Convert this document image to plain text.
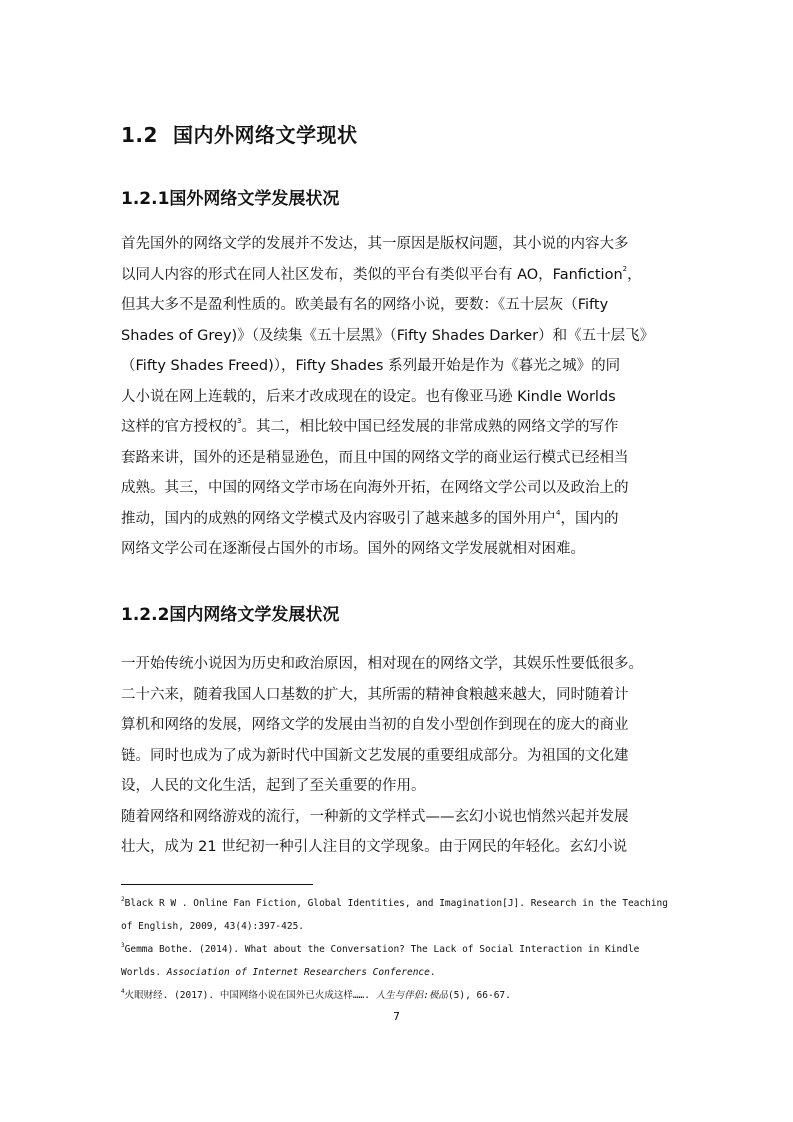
1.2 国内外网络文学现状
1.2.1国外网络文学发展状况
首先国外的网络文学的发展并不发达，其一原因是版权问题，其小说的内容大多
以同人内容的形式在同人社区发布，类似的平台有类似平台有 AO，Fanfiction$^2$，
但其大多不是盈利性质的。欧美最有名的网络小说，要数：《五十层灰（Fifty
Shades of Grey)》（及续集《五十层黑》（Fifty Shades Darker）和《五十层飞》
（Fifty Shades Freed)），Fifty Shades 系列最开始是作为《暮光之城》的同
人小说在网上连载的，后来才改成现在的设定。也有像亚马逊 Kindle Worlds
这样的官方授权的$^3$。其二，相比较中国已经发展的非常成熟的网络文学的写作
套路来讲，国外的还是稍显逊色，而且中国的网络文学的商业运行模式已经相当
成熟。其三，中国的网络文学市场在向海外开拓，在网络文学公司以及政治上的
推动，国内的成熟的网络文学模式及内容吸引了越来越多的国外用户$^4$，国内的
网络文学公司在逐渐侵占国外的市场。国外的网络文学发展就相对困难。
1.2.2国内网络文学发展状况
一开始传统小说因为历史和政治原因，相对现在的网络文学，其娱乐性要低很多。
二十六来，随着我国人口基数的扩大，其所需的精神食粮越来越大，同时随着计
算机和网络的发展，网络文学的发展由当初的自发小型创作到现在的庞大的商业
链。同时也成为了成为新时代中国新文艺发展的重要组成部分。为祖国的文化建
设，人民的文化生活，起到了至关重要的作用。
随着网络和网络游戏的流行，一种新的文学样式——玄幻小说也悄然兴起并发展
壮大，成为 21 世纪初一种引人注目的文学现象。由于网民的年轻化。玄幻小说
$^2$Black R W . Online Fan Fiction, Global Identities, and Imagination[J]. Research in the Teaching
of English, 2009, 43(4):397-425.
$^3$Gemma Bothe. (2014). What about the Conversation? The Lack of Social Interaction in Kindle
Worlds. Association of Internet Researchers Conference.
$^4$火眼财经. (2017). 中国网络小说在国外已火成这样……. 人生与伴侣:极品(5), 66-67.
7
